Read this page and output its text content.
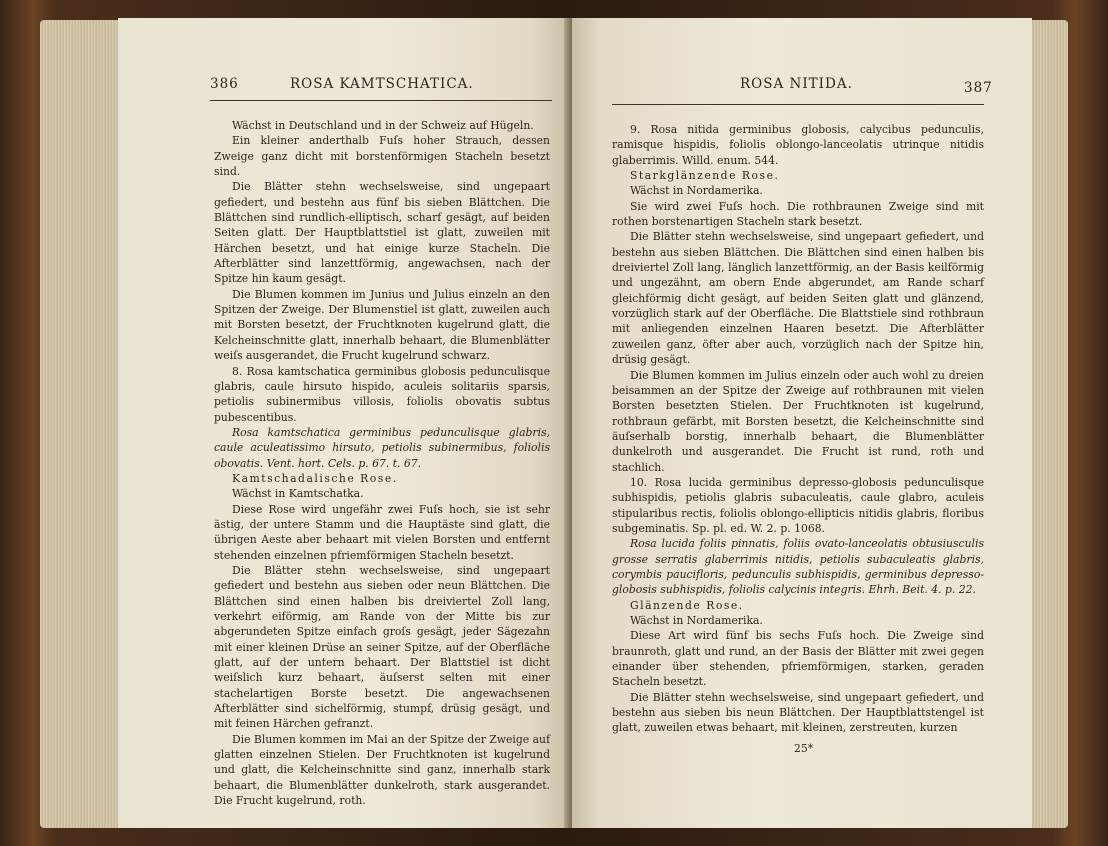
386	ROSA KAMTSCHATICA.

Wächst in Deutschland und in der Schweiz auf Hügeln.

Ein kleiner anderthalb Fuſs hoher Strauch, dessen Zweige ganz dicht mit borstenförmigen Stacheln besetzt sind.

Die Blätter stehn wechselsweise, sind ungepaart gefiedert, und bestehn aus fünf bis sieben Blättchen. Die Blättchen sind rundlich-elliptisch, scharf gesägt, auf beiden Seiten glatt. Der Hauptblattstiel ist glatt, zuweilen mit Härchen besetzt, und hat einige kurze Stacheln. Die Afterblätter sind lanzettförmig, angewachsen, nach der Spitze hin kaum gesägt.

Die Blumen kommen im Junius und Julius einzeln an den Spitzen der Zweige. Der Blumenstiel ist glatt, zuweilen auch mit Borsten besetzt, der Fruchtknoten kugelrund glatt, die Kelcheinschnitte glatt, innerhalb behaart, die Blumenblätter weiſs ausgerandet, die Frucht kugelrund schwarz.

8. Rosa kamtschatica germinibus globosis pedunculisque glabris, caule hirsuto hispido, aculeis solitariis sparsis, petiolis subinermibus villosis, foliolis obovatis subtus pubescentibus.

Rosa kamtschatica germinibus pedunculisque glabris, caule aculeatissimo hirsuto, petiolis subinermibus, foliolis obovatis. Vent. hort. Cels. p. 67. t. 67.

Kamtschadalische Rose.

Wächst in Kamtschatka.

Diese Rose wird ungefähr zwei Fuſs hoch, sie ist sehr ästig, der untere Stamm und die Hauptäste sind glatt, die übrigen Aeste aber behaart mit vielen Borsten und entfernt stehenden einzelnen pfriemförmigen Stacheln besetzt.

Die Blätter stehn wechselsweise, sind ungepaart gefiedert und bestehn aus sieben oder neun Blättchen. Die Blättchen sind einen halben bis dreiviertel Zoll lang, verkehrt eiförmig, am Rande von der Mitte bis zur abgerundeten Spitze einfach groſs gesägt, jeder Sägezahn mit einer kleinen Drüse an seiner Spitze, auf der Oberfläche glatt, auf der untern behaart. Der Blattstiel ist dicht weiſslich kurz behaart, äuſserst selten mit einer stachelartigen Borste besetzt. Die angewachsenen Afterblätter sind sichelförmig, stumpf, drüsig gesägt, und mit feinen Härchen gefranzt.

Die Blumen kommen im Mai an der Spitze der Zweige auf glatten einzelnen Stielen. Der Fruchtknoten ist kugelrund und glatt, die Kelcheinschnitte sind ganz, innerhalb stark behaart, die Blumenblätter dunkelroth, stark ausgerandet. Die Frucht kugelrund, roth.

ROSA NITIDA.	387

9. Rosa nitida germinibus globosis, calycibus pedunculis, ramisque hispidis, foliolis oblongo-lanceolatis utrinque nitidis glaberrimis. Willd. enum. 544.

Starkglänzende Rose.

Wächst in Nordamerika.

Sie wird zwei Fuſs hoch. Die rothbraunen Zweige sind mit rothen borstenartigen Stacheln stark besetzt.

Die Blätter stehn wechselsweise, sind ungepaart gefiedert, und bestehn aus sieben Blättchen. Die Blättchen sind einen halben bis dreiviertel Zoll lang, länglich lanzettförmig, an der Basis keilförmig und ungezähnt, am obern Ende abgerundet, am Rande scharf gleichförmig dicht gesägt, auf beiden Seiten glatt und glänzend, vorzüglich stark auf der Oberfläche. Die Blattstiele sind rothbraun mit anliegenden einzelnen Haaren besetzt. Die Afterblätter zuweilen ganz, öfter aber auch, vorzüglich nach der Spitze hin, drüsig gesägt.

Die Blumen kommen im Julius einzeln oder auch wohl zu dreien beisammen an der Spitze der Zweige auf rothbraunen mit vielen Borsten besetzten Stielen. Der Fruchtknoten ist kugelrund, rothbraun gefärbt, mit Borsten besetzt, die Kelcheinschnitte sind äuſserhalb borstig, innerhalb behaart, die Blumenblätter dunkelroth und ausgerandet. Die Frucht ist rund, roth und stachlich.

10. Rosa lucida germinibus depresso-globosis pedunculisque subhispidis, petiolis glabris subaculeatis, caule glabro, aculeis stipularibus rectis, foliolis oblongo-ellipticis nitidis glabris, floribus subgeminatis. Sp. pl. ed. W. 2. p. 1068.

Rosa lucida foliis pinnatis, foliis ovato-lanceolatis obtusiusculis grosse serratis glaberrimis nitidis, petiolis subaculeatis glabris, corymbis paucifloris, pedunculis subhispidis, germinibus depresso-globosis subhispidis, foliolis calycinis integris. Ehrh. Beit. 4. p. 22.

Glänzende Rose.

Wächst in Nordamerika.

Diese Art wird fünf bis sechs Fuſs hoch. Die Zweige sind braunroth, glatt und rund, an der Basis der Blätter mit zwei gegen einander über stehenden, pfriemförmigen, starken, geraden Stacheln besetzt.

Die Blätter stehn wechselsweise, sind ungepaart gefiedert, und bestehn aus sieben bis neun Blättchen. Der Hauptblattstengel ist glatt, zuweilen etwas behaart, mit kleinen, zerstreuten, kurzen

25*
